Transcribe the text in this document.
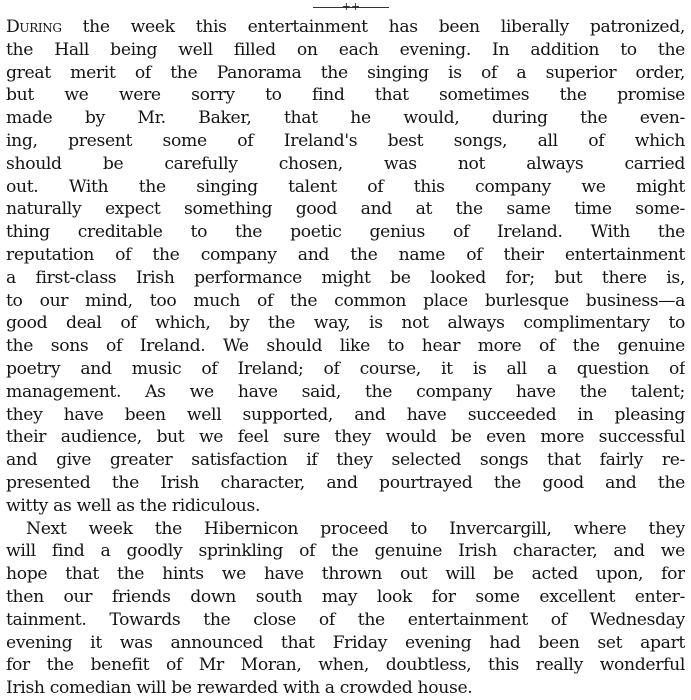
++

During the week this entertainment has been liberally patronized,
the Hall being well filled on each evening. In addition to the
great merit of the Panorama the singing is of a superior order,
but we were sorry to find that sometimes the promise
made by Mr. Baker, that he would, during the even-
ing, present some of Ireland's best songs, all of which
should be carefully chosen, was not always carried
out. With the singing talent of this company we might
naturally expect something good and at the same time some-
thing creditable to the poetic genius of Ireland. With the
reputation of the company and the name of their entertainment
a first-class Irish performance might be looked for; but there is,
to our mind, too much of the common place burlesque business—a
good deal of which, by the way, is not always complimentary to
the sons of Ireland. We should like to hear more of the genuine
poetry and music of Ireland; of course, it is all a question of
management. As we have said, the company have the talent;
they have been well supported, and have succeeded in pleasing
their audience, but we feel sure they would be even more successful
and give greater satisfaction if they selected songs that fairly re-
presented the Irish character, and pourtrayed the good and the
witty as well as the ridiculous.

Next week the Hibernicon proceed to Invercargill, where they
will find a goodly sprinkling of the genuine Irish character, and we
hope that the hints we have thrown out will be acted upon, for
then our friends down south may look for some excellent enter-
tainment. Towards the close of the entertainment of Wednesday
evening it was announced that Friday evening had been set apart
for the benefit of Mr Moran, when, doubtless, this really wonderful
Irish comedian will be rewarded with a crowded house.
